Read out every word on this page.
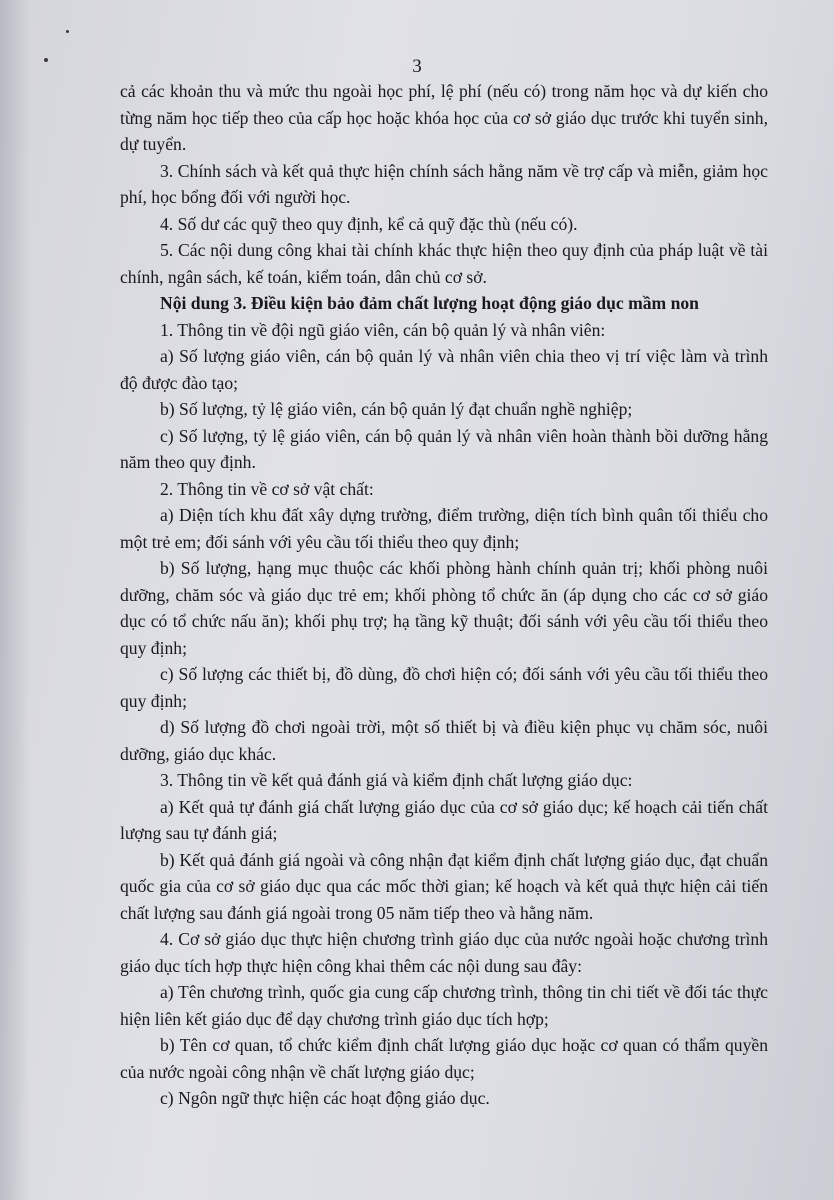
3

cả các khoản thu và mức thu ngoài học phí, lệ phí (nếu có) trong năm học và dự kiến cho từng năm học tiếp theo của cấp học hoặc khóa học của cơ sở giáo dục trước khi tuyển sinh, dự tuyển.

3. Chính sách và kết quả thực hiện chính sách hằng năm về trợ cấp và miễn, giảm học phí, học bổng đối với người học.

4. Số dư các quỹ theo quy định, kể cả quỹ đặc thù (nếu có).

5. Các nội dung công khai tài chính khác thực hiện theo quy định của pháp luật về tài chính, ngân sách, kế toán, kiểm toán, dân chủ cơ sở.

Nội dung 3. Điều kiện bảo đảm chất lượng hoạt động giáo dục mầm non

1. Thông tin về đội ngũ giáo viên, cán bộ quản lý và nhân viên:

a) Số lượng giáo viên, cán bộ quản lý và nhân viên chia theo vị trí việc làm và trình độ được đào tạo;

b) Số lượng, tỷ lệ giáo viên, cán bộ quản lý đạt chuẩn nghề nghiệp;

c) Số lượng, tỷ lệ giáo viên, cán bộ quản lý và nhân viên hoàn thành bồi dưỡng hằng năm theo quy định.

2. Thông tin về cơ sở vật chất:

a) Diện tích khu đất xây dựng trường, điểm trường, diện tích bình quân tối thiểu cho một trẻ em; đối sánh với yêu cầu tối thiểu theo quy định;

b) Số lượng, hạng mục thuộc các khối phòng hành chính quản trị; khối phòng nuôi dưỡng, chăm sóc và giáo dục trẻ em; khối phòng tổ chức ăn (áp dụng cho các cơ sở giáo dục có tổ chức nấu ăn); khối phụ trợ; hạ tầng kỹ thuật; đối sánh với yêu cầu tối thiểu theo quy định;

c) Số lượng các thiết bị, đồ dùng, đồ chơi hiện có; đối sánh với yêu cầu tối thiểu theo quy định;

d) Số lượng đồ chơi ngoài trời, một số thiết bị và điều kiện phục vụ chăm sóc, nuôi dưỡng, giáo dục khác.

3. Thông tin về kết quả đánh giá và kiểm định chất lượng giáo dục:

a) Kết quả tự đánh giá chất lượng giáo dục của cơ sở giáo dục; kế hoạch cải tiến chất lượng sau tự đánh giá;

b) Kết quả đánh giá ngoài và công nhận đạt kiểm định chất lượng giáo dục, đạt chuẩn quốc gia của cơ sở giáo dục qua các mốc thời gian; kế hoạch và kết quả thực hiện cải tiến chất lượng sau đánh giá ngoài trong 05 năm tiếp theo và hằng năm.

4. Cơ sở giáo dục thực hiện chương trình giáo dục của nước ngoài hoặc chương trình giáo dục tích hợp thực hiện công khai thêm các nội dung sau đây:

a) Tên chương trình, quốc gia cung cấp chương trình, thông tin chi tiết về đối tác thực hiện liên kết giáo dục để dạy chương trình giáo dục tích hợp;

b) Tên cơ quan, tổ chức kiểm định chất lượng giáo dục hoặc cơ quan có thẩm quyền của nước ngoài công nhận về chất lượng giáo dục;

c) Ngôn ngữ thực hiện các hoạt động giáo dục.
